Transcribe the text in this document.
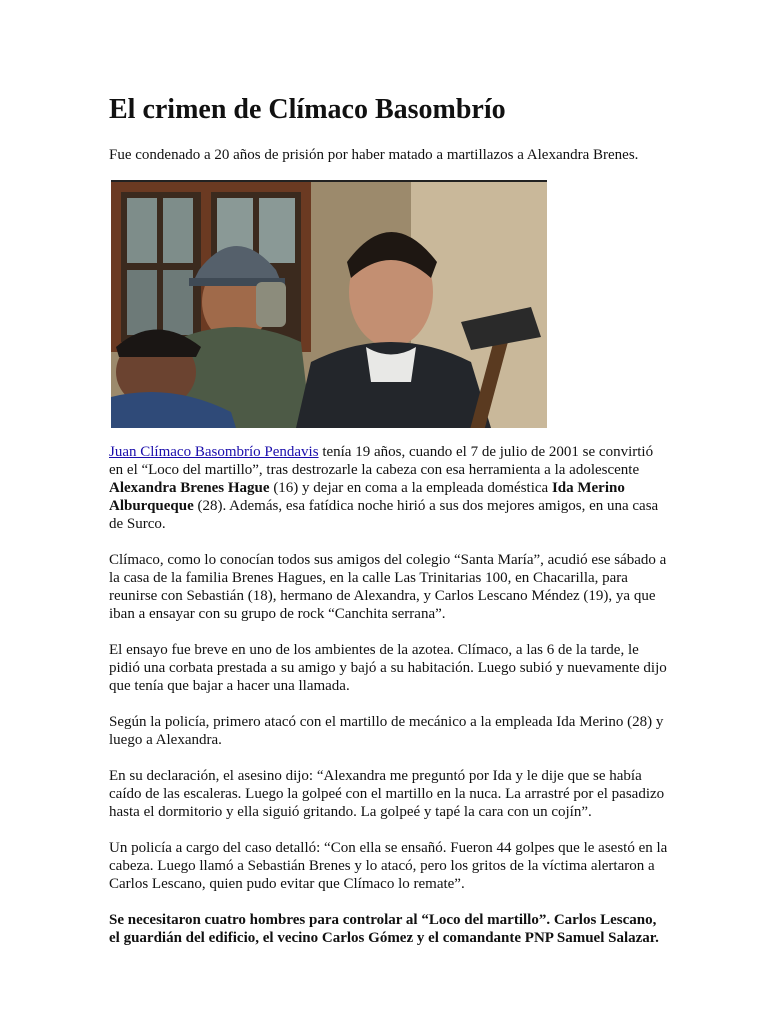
El crimen de Clímaco Basombrío

Fue condenado a 20 años de prisión por haber matado a martillazos a Alexandra Brenes.

Juan Clímaco Basombrío Pendavis tenía 19 años, cuando el 7 de julio de 2001 se convirtió en el “Loco del martillo”, tras destrozarle la cabeza con esa herramienta a la adolescente Alexandra Brenes Hague (16) y dejar en coma a la empleada doméstica Ida Merino Alburqueque (28). Además, esa fatídica noche hirió a sus dos mejores amigos, en una casa de Surco.

Clímaco, como lo conocían todos sus amigos del colegio “Santa María”, acudió ese sábado a la casa de la familia Brenes Hagues, en la calle Las Trinitarias 100, en Chacarilla, para reunirse con Sebastián (18), hermano de Alexandra, y Carlos Lescano Méndez (19), ya que iban a ensayar con su grupo de rock “Canchita serrana”.

El ensayo fue breve en uno de los ambientes de la azotea. Clímaco, a las 6 de la tarde, le pidió una corbata prestada a su amigo y bajó a su habitación. Luego subió y nuevamente dijo que tenía que bajar a hacer una llamada.

Según la policía, primero atacó con el martillo de mecánico a la empleada Ida Merino (28) y luego a Alexandra.

En su declaración, el asesino dijo: “Alexandra me preguntó por Ida y le dije que se había caído de las escaleras. Luego la golpeé con el martillo en la nuca. La arrastré por el pasadizo hasta el dormitorio y ella siguió gritando. La golpeé y tapé la cara con un cojín”.

Un policía a cargo del caso detalló: “Con ella se ensañó. Fueron 44 golpes que le asestó en la cabeza. Luego llamó a Sebastián Brenes y lo atacó, pero los gritos de la víctima alertaron a Carlos Lescano, quien pudo evitar que Clímaco lo remate”.

Se necesitaron cuatro hombres para controlar al “Loco del martillo”. Carlos Lescano, el guardián del edificio, el vecino Carlos Gómez y el comandante PNP Samuel Salazar.
